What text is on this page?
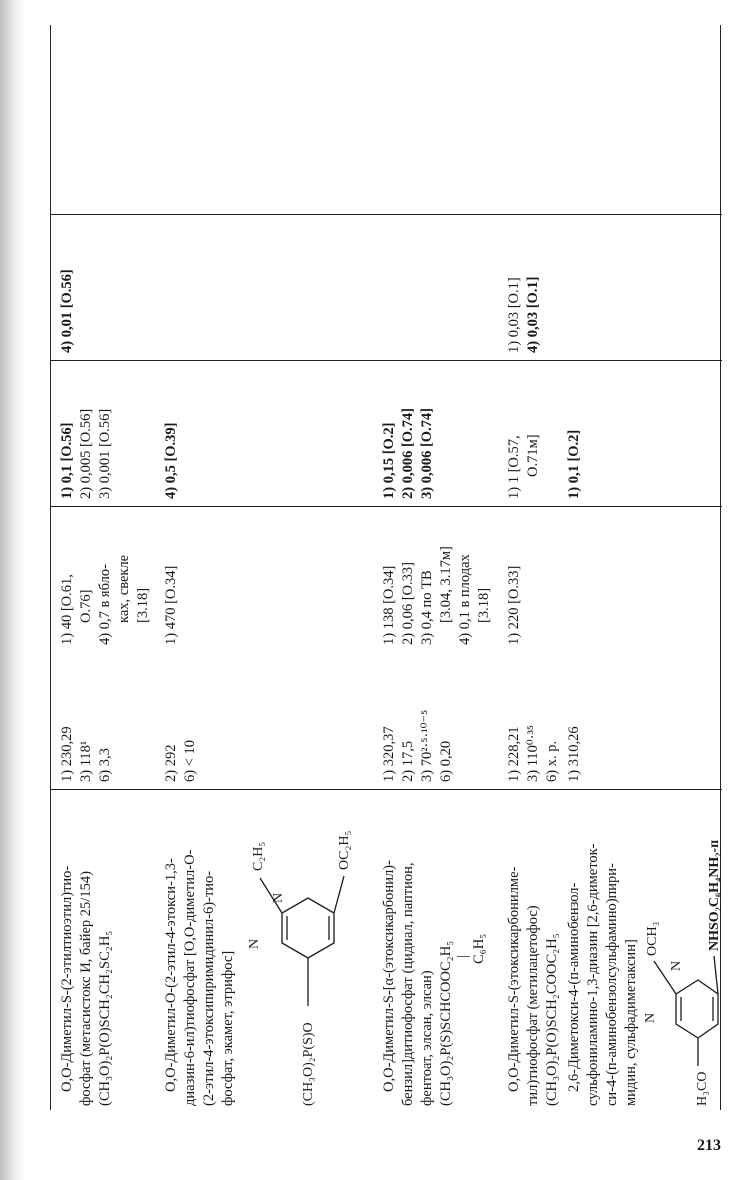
O,O-Диметил-S-(2-этилтиоэтил)тио- фосфат (метасистокс И, байер 25/154) (CH₃O)₂P(O)SCH₂CH₂SC₂H₅
1) 230,29 3) 118¹ 6) 3,3
1) 40 [O.61, O.76] 4) 0,7 в ябло- ках, свекле [3.18]
1) 0,1 [O.56] 2) 0,005 [O.56] 3) 0,001 [O.56]
4) 0,01 [O.56]
O,O-Диметил-O-(2-этил-4-этокси-1,3- диазин-6-ил)тиофосфат [O,O-диметил-O- (2-этил-4-этоксипиримидинил-6)-тио- фосфат, экамет, этрифос]
2) 292 6) < 10
1) 470 [O.34]
4) 0,5 [O.39]
(CH₃O)₂P(S)O
N
N
C₂H₅	OC₂H₅
O,O-Диметил-S-[α-(этоксикарбонил)- бензил]дитиофосфат (цидиал, паптион, фентоат, элсан, элсан) (CH₃O)₂P(S)SCHCOOC₂H₅ | C₆H₅
1) 320,37 2) 17,5 3) 70²·⁵·¹⁰⁻⁵ 6) 0,20
1) 138 [O.34] 2) 0,06 [O.33] 3) 0,4 по ТВ [3.04, 3.17м] 4) 0,1 в плодах [3.18]
1) 0,15 [O.2] 2) 0,006 [O.74] 3) 0,006 [O.74]
O,O-Диметил-S-(этоксикарбонилме- тил)тиофосфат (метилацетофос) (CH₃O)₂P(O)SCH₂COOC₂H₅
1) 228,21 3) 110⁰·³⁵ 6) х. р.
1) 220 [O.33]
1) 1 [O.57, O.71м]
1) 0,03 [O.1] 4) 0,03 [O.1]
2,6-Диметокси-4-(п-аминобензол- сульфониламино-1,3-диазин [2,6-диметок- си-4-(п-аминобензолсульфамино)пири- мидин, сульфадиметаксин]
1) 310,26
1) 0,1 [O.2]
H₃CO
N
N
OCH₃	NHSO₂C₆H₄NH₂-п
213
